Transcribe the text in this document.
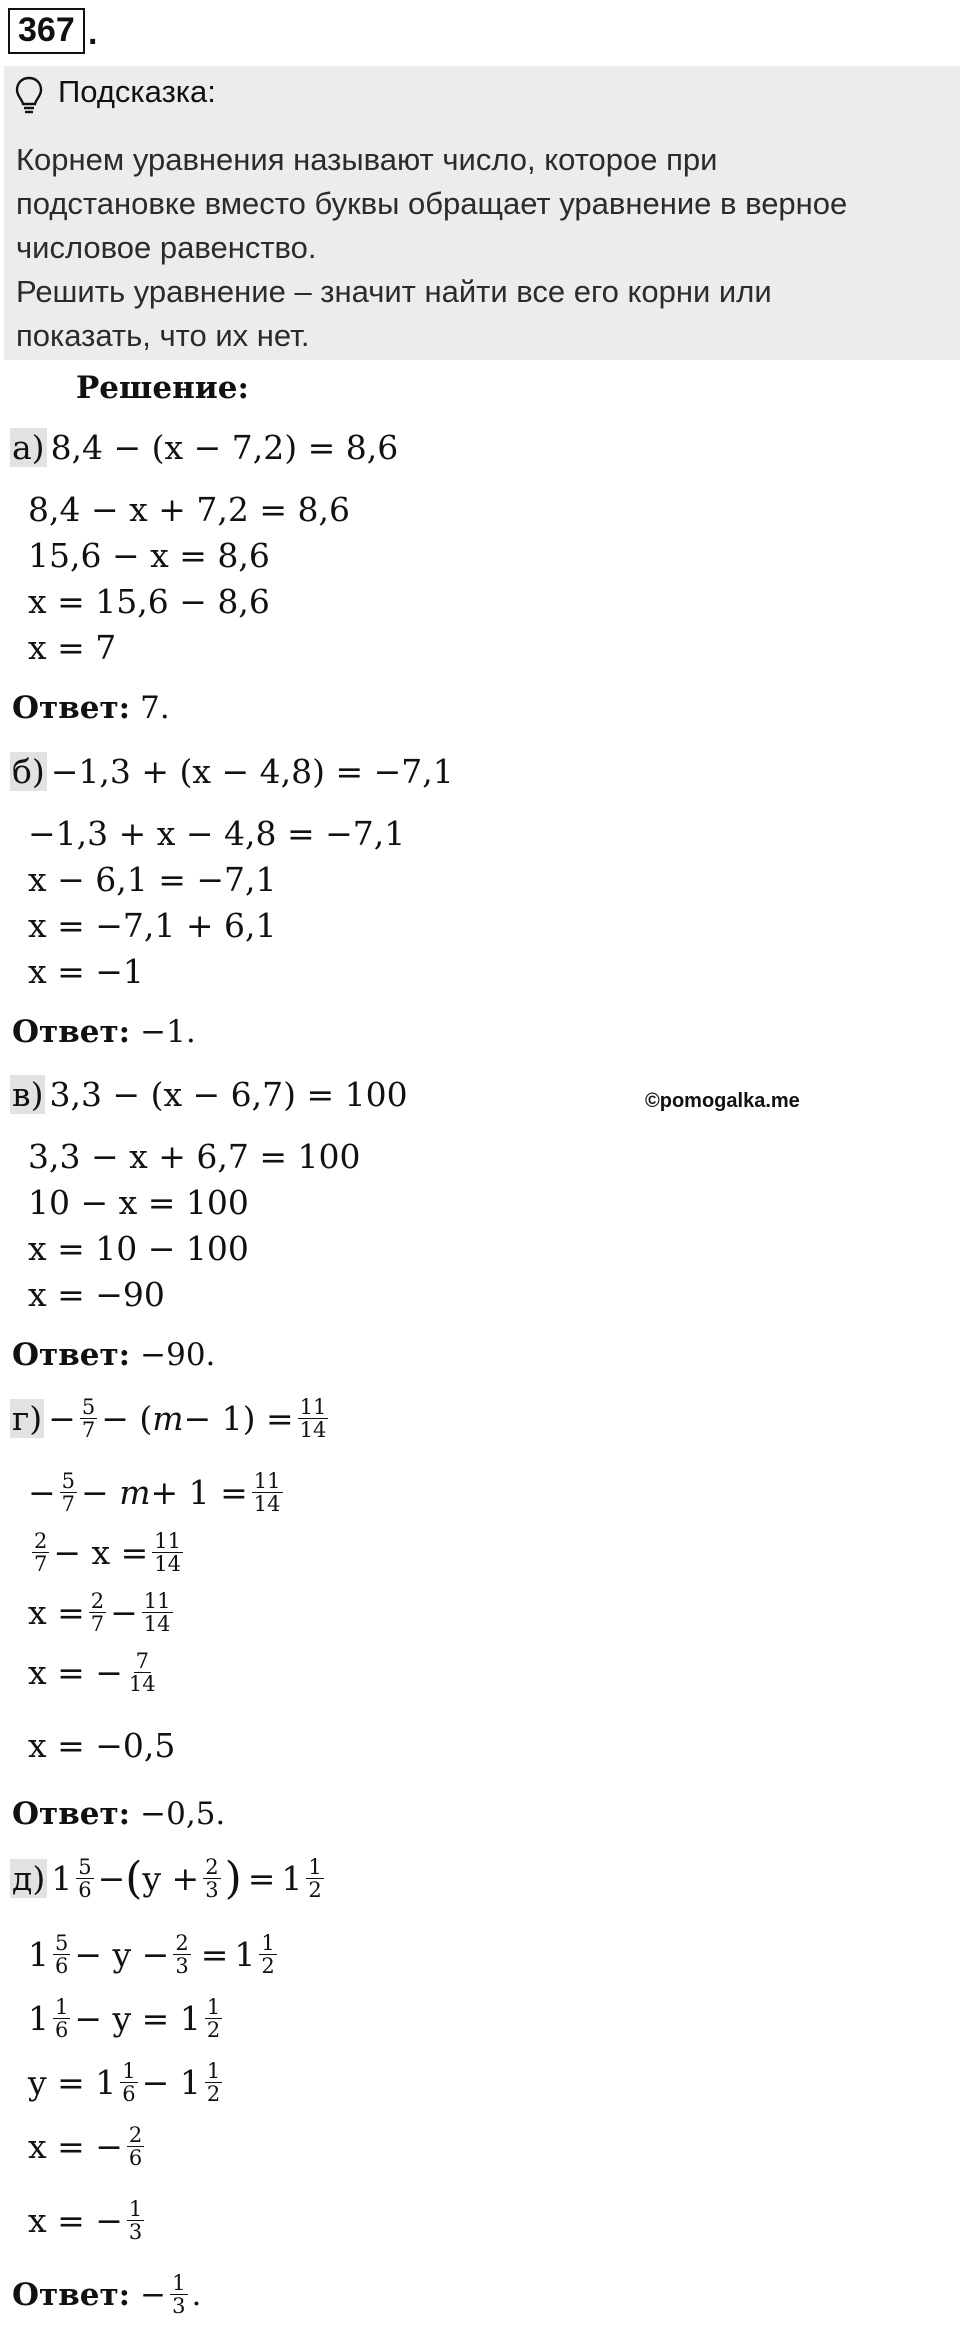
367 .
Подсказка:
Корнем уравнения называют число, которое при
подстановке вместо буквы обращает уравнение в верное
числовое равенство.
Решить уравнение – значит найти все его корни или
показать, что их нет.
Решение:
а) 8,4 − (x − 7,2) = 8,6
8,4 − x + 7,2 = 8,6
15,6 − x = 8,6
x = 15,6 − 8,6
x = 7
Ответ: 7.
б) −1,3 + (x − 4,8) = −7,1
−1,3 + x − 4,8 = −7,1
x − 6,1 = −7,1
x = −7,1 + 6,1
x = −1
Ответ: −1.
в) 3,3 − (x − 6,7) = 100	©pomogalka.me
3,3 − x + 6,7 = 100
10 − x = 100
x = 10 − 100
x = −90
Ответ: −90.
$г) - \frac{5}{7}$ − ( $m - 1) = \frac{11}{14}$
− $\frac{5}{7}$ −
$m + 1 = \frac{11}{14}$
$\frac{2}{7} - x = \frac{11}{14}$
$x = \frac{2}{7} - \frac{11}{14}$
x = − $\frac{7}{14}$
x = −0,5
Ответ: −0,5.
д) $1 \frac{5}{6}$ − ( $y + \frac{2}{3}$ ) = $1 \frac{1}{2}$
$1 \frac{5}{6} - y - \frac{2}{3} = 1 \frac{1}{2}$
$1 \frac{1}{6} - y$ =
$1 \frac{1}{2}$
y =
$1 \frac{1}{6}$ −
$1 \frac{1}{2}$
x = − $\frac{2}{6}$
x = − $\frac{1}{3}$
Ответ: − $\frac{1}{3}$ .
